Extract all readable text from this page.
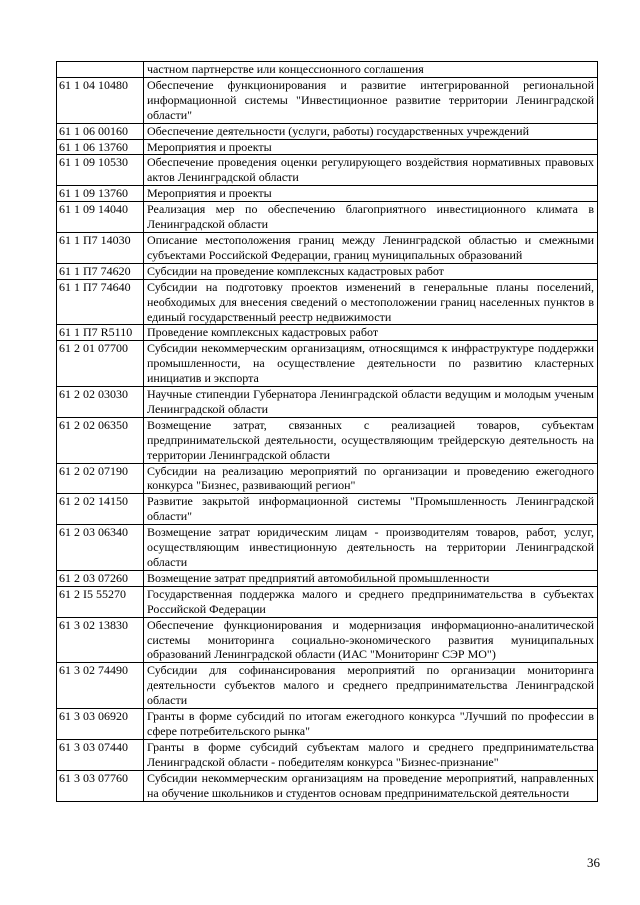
	частном партнерстве или концессионного соглашения
61 1 04 10480	Обеспечение функционирования и развитие интегрированной региональной информационной системы "Инвестиционное развитие территории Ленинградской области"
61 1 06 00160	Обеспечение деятельности (услуги, работы) государственных учреждений
61 1 06 13760	Мероприятия и проекты
61 1 09 10530	Обеспечение проведения оценки регулирующего воздействия нормативных правовых актов Ленинградской области
61 1 09 13760	Мероприятия и проекты
61 1 09 14040	Реализация мер по обеспечению благоприятного инвестиционного климата в Ленинградской области
61 1 П7 14030	Описание местоположения границ между Ленинградской областью и смежными субъектами Российской Федерации, границ муниципальных образований
61 1 П7 74620	Субсидии на проведение комплексных кадастровых работ
61 1 П7 74640	Субсидии на подготовку проектов изменений в генеральные планы поселений, необходимых для внесения сведений о местоположении границ населенных пунктов в единый государственный реестр недвижимости
61 1 П7 R5110	Проведение комплексных кадастровых работ
61 2 01 07700	Субсидии некоммерческим организациям, относящимся к инфраструктуре поддержки промышленности, на осуществление деятельности по развитию кластерных инициатив и экспорта
61 2 02 03030	Научные стипендии Губернатора Ленинградской области ведущим и молодым ученым Ленинградской области
61 2 02 06350	Возмещение затрат, связанных с реализацией товаров, субъектам предпринимательской деятельности, осуществляющим трейдерскую деятельность на территории Ленинградской области
61 2 02 07190	Субсидии на реализацию мероприятий по организации и проведению ежегодного конкурса "Бизнес, развивающий регион"
61 2 02 14150	Развитие закрытой информационной системы "Промышленность Ленинградской области"
61 2 03 06340	Возмещение затрат юридическим лицам - производителям товаров, работ, услуг, осуществляющим инвестиционную деятельность на территории Ленинградской области
61 2 03 07260	Возмещение затрат предприятий автомобильной промышленности
61 2 I5 55270	Государственная поддержка малого и среднего предпринимательства в субъектах Российской Федерации
61 3 02 13830	Обеспечение функционирования и модернизация информационно-аналитической системы мониторинга социально-экономического развития муниципальных образований Ленинградской области (ИАС "Мониторинг СЭР МО")
61 3 02 74490	Субсидии для софинансирования мероприятий по организации мониторинга деятельности субъектов малого и среднего предпринимательства Ленинградской области
61 3 03 06920	Гранты в форме субсидий по итогам ежегодного конкурса "Лучший по профессии в сфере потребительского рынка"
61 3 03 07440	Гранты в форме субсидий субъектам малого и среднего предпринимательства Ленинградской области - победителям конкурса "Бизнес-признание"
61 3 03 07760	Субсидии некоммерческим организациям на проведение мероприятий, направленных на обучение школьников и студентов основам предпринимательской деятельности
36
